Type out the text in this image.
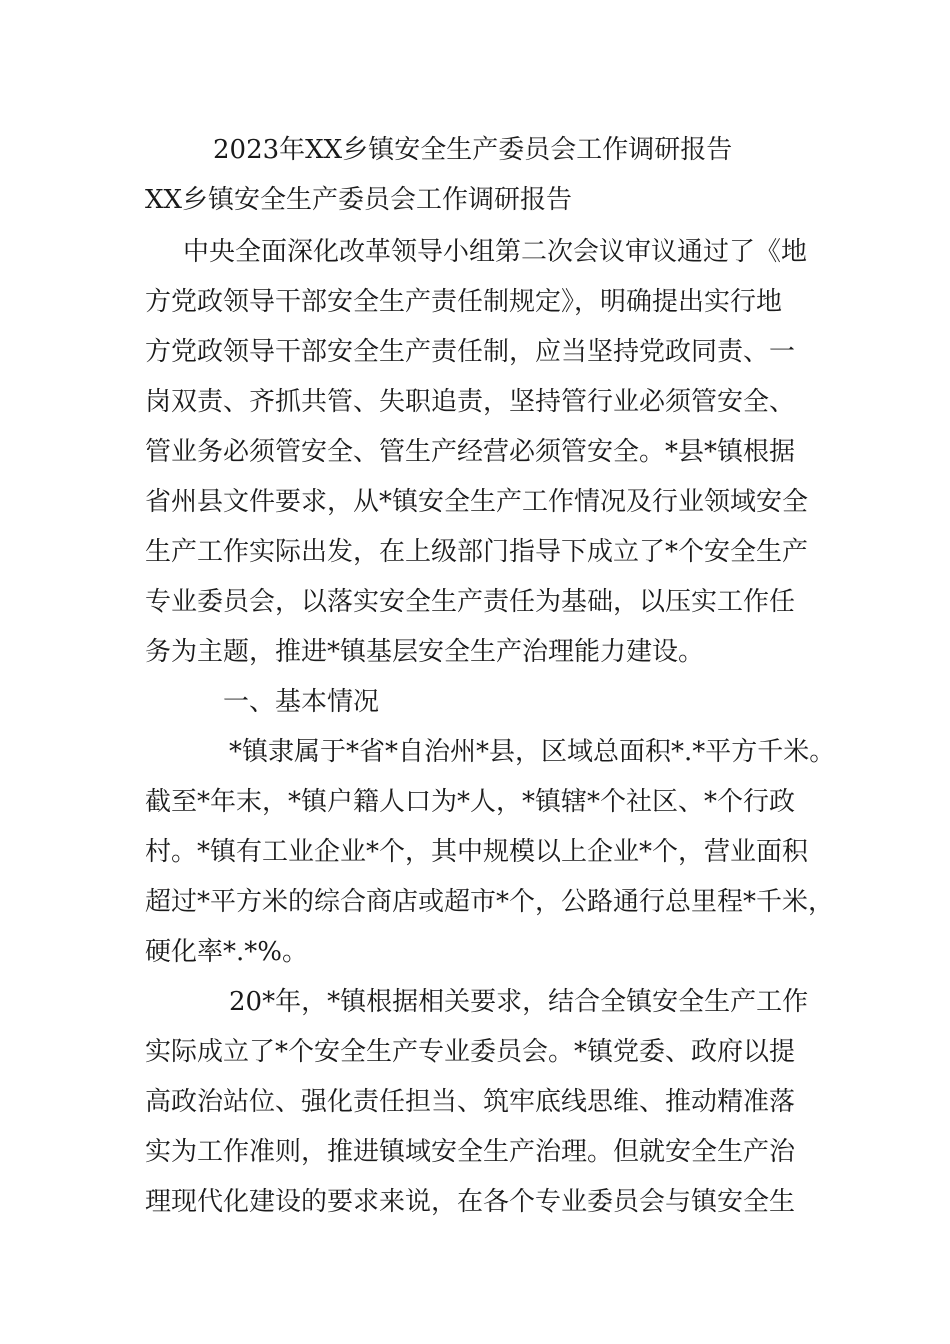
2023年XX乡镇安全生产委员会工作调研报告
XX乡镇安全生产委员会工作调研报告
中央全面深化改革领导小组第二次会议审议通过了《地
方党政领导干部安全生产责任制规定》，明确提出实行地
方党政领导干部安全生产责任制，应当坚持党政同责、一
岗双责、齐抓共管、失职追责，坚持管行业必须管安全、
管业务必须管安全、管生产经营必须管安全。*县*镇根据
省州县文件要求，从*镇安全生产工作情况及行业领域安全
生产工作实际出发，在上级部门指导下成立了*个安全生产
专业委员会，以落实安全生产责任为基础，以压实工作任
务为主题，推进*镇基层安全生产治理能力建设。
一、基本情况
*镇隶属于*省*自治州*县，区域总面积*.*平方千米。
截至*年末，*镇户籍人口为*人，*镇辖*个社区、*个行政
村。*镇有工业企业*个，其中规模以上企业*个，营业面积
超过*平方米的综合商店或超市*个，公路通行总里程*千米，
硬化率*.*%。
20*年，*镇根据相关要求，结合全镇安全生产工作
实际成立了*个安全生产专业委员会。*镇党委、政府以提
高政治站位、强化责任担当、筑牢底线思维、推动精准落
实为工作准则，推进镇域安全生产治理。但就安全生产治
理现代化建设的要求来说，在各个专业委员会与镇安全生
